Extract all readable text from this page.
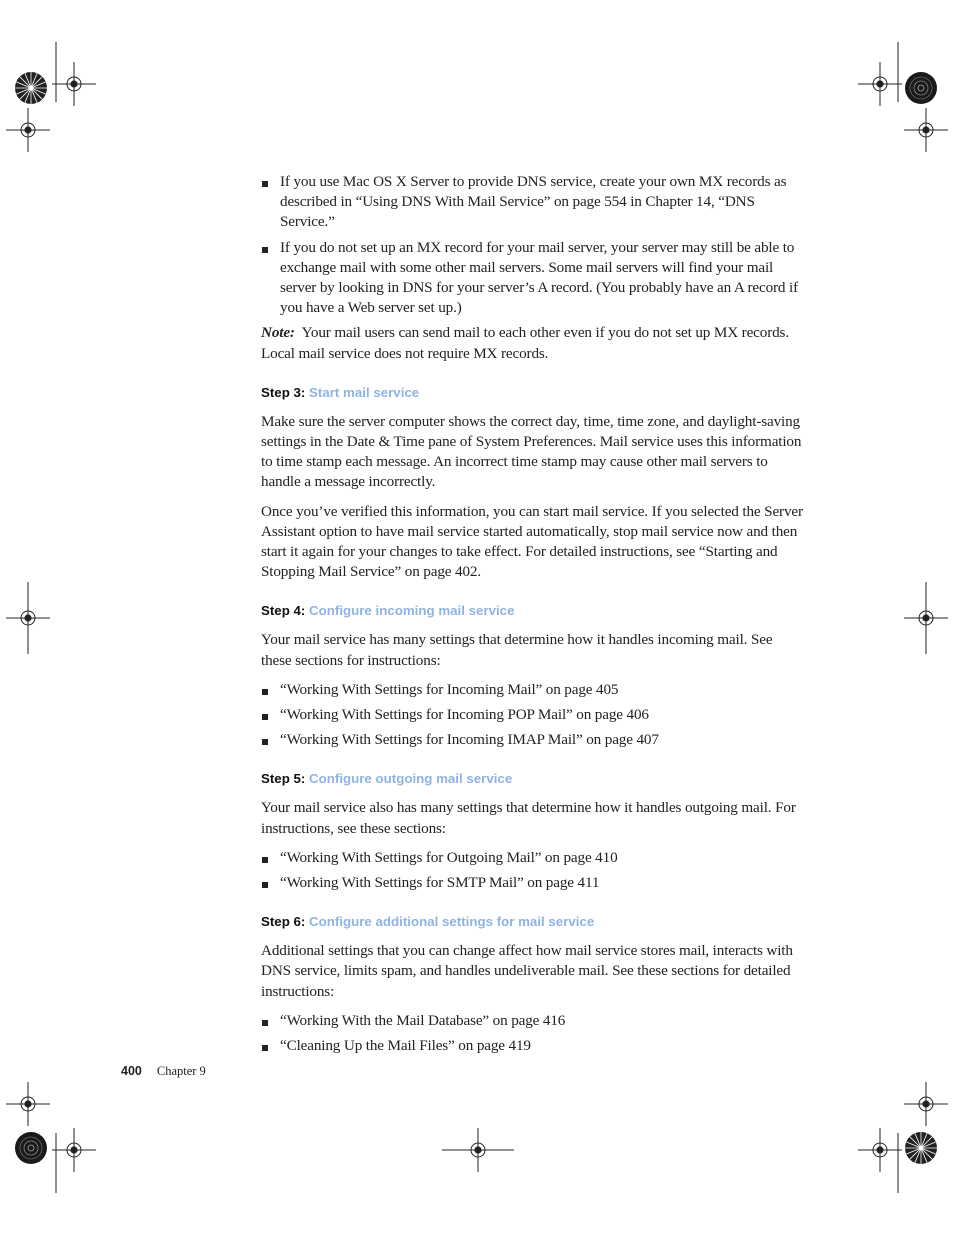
If you use Mac OS X Server to provide DNS service, create your own MX records as described in “Using DNS With Mail Service” on page 554 in Chapter 14, “DNS Service.”
If you do not set up an MX record for your mail server, your server may still be able to exchange mail with some other mail servers. Some mail servers will find your mail server by looking in DNS for your server’s A record. (You probably have an A record if you have a Web server set up.)

Note: Your mail users can send mail to each other even if you do not set up MX records. Local mail service does not require MX records.

Step 3: Start mail service

Make sure the server computer shows the correct day, time, time zone, and daylight-saving settings in the Date & Time pane of System Preferences. Mail service uses this information to time stamp each message. An incorrect time stamp may cause other mail servers to handle a message incorrectly.

Once you’ve verified this information, you can start mail service. If you selected the Server Assistant option to have mail service started automatically, stop mail service now and then start it again for your changes to take effect. For detailed instructions, see “Starting and Stopping Mail Service” on page 402.

Step 4: Configure incoming mail service

Your mail service has many settings that determine how it handles incoming mail. See these sections for instructions:

“Working With Settings for Incoming Mail” on page 405
“Working With Settings for Incoming POP Mail” on page 406
“Working With Settings for Incoming IMAP Mail” on page 407
Step 5: Configure outgoing mail service

Your mail service also has many settings that determine how it handles outgoing mail. For instructions, see these sections:

“Working With Settings for Outgoing Mail” on page 410
“Working With Settings for SMTP Mail” on page 411
Step 6: Configure additional settings for mail service

Additional settings that you can change affect how mail service stores mail, interacts with DNS service, limits spam, and handles undeliverable mail. See these sections for detailed instructions:

“Working With the Mail Database” on page 416
“Cleaning Up the Mail Files” on page 419
400 Chapter 9
